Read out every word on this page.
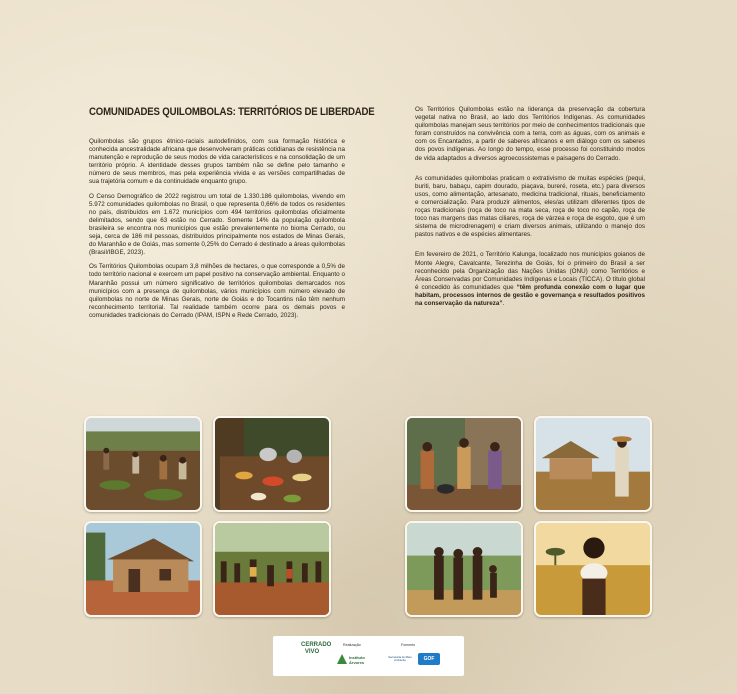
COMUNIDADES QUILOMBOLAS: TERRITÓRIOS DE LIBERDADE

Quilombolas são grupos étnico-raciais autodefinidos, com sua formação histórica e conhecida ancestralidade africana que desenvolveram práticas cotidianas de resistência na manutenção e reprodução de seus modos de vida característicos e na consolidação de um território próprio. A identidade desses grupos também não se define pelo tamanho e número de seus membros, mas pela experiência vivida e as versões compartilhadas de sua trajetória comum e da continuidade enquanto grupo.

O Censo Demográfico de 2022 registrou um total de 1.330.186 quilombolas, vivendo em 5.972 comunidades quilombolas no Brasil, o que representa 0,66% de todos os residentes no país, distribuídos em 1.672 municípios com 494 territórios quilombolas oficialmente delimitados, sendo que 63 estão no Cerrado. Somente 14% da população quilombola brasileira se encontra nos municípios que estão prevalentemente no bioma Cerrado, ou seja, cerca de 186 mil pessoas, distribuídos principalmente nos estados de Minas Gerais, do Maranhão e de Goiás, mas somente 0,25% do Cerrado é destinado a áreas quilombolas (Brasil/IBGE, 2023).

Os Territórios Quilombolas ocupam 3,8 milhões de hectares, o que corresponde a 0,5% de todo território nacional e exercem um papel positivo na conservação ambiental. Enquanto o Maranhão possui um número significativo de territórios quilombolas demarcados nos municípios com a presença de quilombolas, vários municípios com número elevado de quilombolas no norte de Minas Gerais, norte de Goiás e do Tocantins não têm nenhum reconhecimento territorial. Tal realidade também ocorre para os demais povos e comunidades tradicionais do Cerrado (IPAM, ISPN e Rede Cerrado, 2023).

Os Territórios Quilombolas estão na liderança da preservação da cobertura vegetal nativa no Brasil, ao lado dos Territórios Indígenas. As comunidades quilombolas manejam seus territórios por meio de conhecimentos tradicionais que foram construídos na convivência com a terra, com as águas, com os animais e com os Encantados, a partir de saberes africanos e em diálogo com os saberes dos povos indígenas. Ao longo do tempo, esse processo foi constituindo modos de vida adaptados a diversos agroecossistemas e paisagens do Cerrado.

As comunidades quilombolas praticam o extrativismo de muitas espécies (pequi, buriti, baru, babaçu, capim dourado, piaçava, bureré, roseta, etc.) para diversos usos, como alimentação, artesanato, medicina tradicional, rituais, beneficiamento e comercialização. Para produzir alimentos, eles/as utilizam diferentes tipos de roças tradicionais (roça de toco na mata seca, roça de toco no capão, roça de toco nas margens das matas ciliares, roça de várzea e roça de esgoto, que é um sistema de microdrenagem) e criam diversos animais, utilizando o manejo dos pastos nativos e de espécies alimentares.

Em fevereiro de 2021, o Território Kalunga, localizado nos municípios goianos de Monte Alegre, Cavalcante, Terezinha de Goiás, foi o primeiro do Brasil a ser reconhecido pela Organização das Nações Unidas (ONU) como Territórios e Áreas Conservadas por Comunidades Indígenas e Locais (TICCA). O título global é concedido às comunidades que “têm profunda conexão com o lugar que habitam, processos internos de gestão e governança e resultados positivos na conservação da natureza”.

CERRADO VIVO
Realização
Instituto
Árvores
Fomento
Secretaria do Meio Ambiente	GOF
